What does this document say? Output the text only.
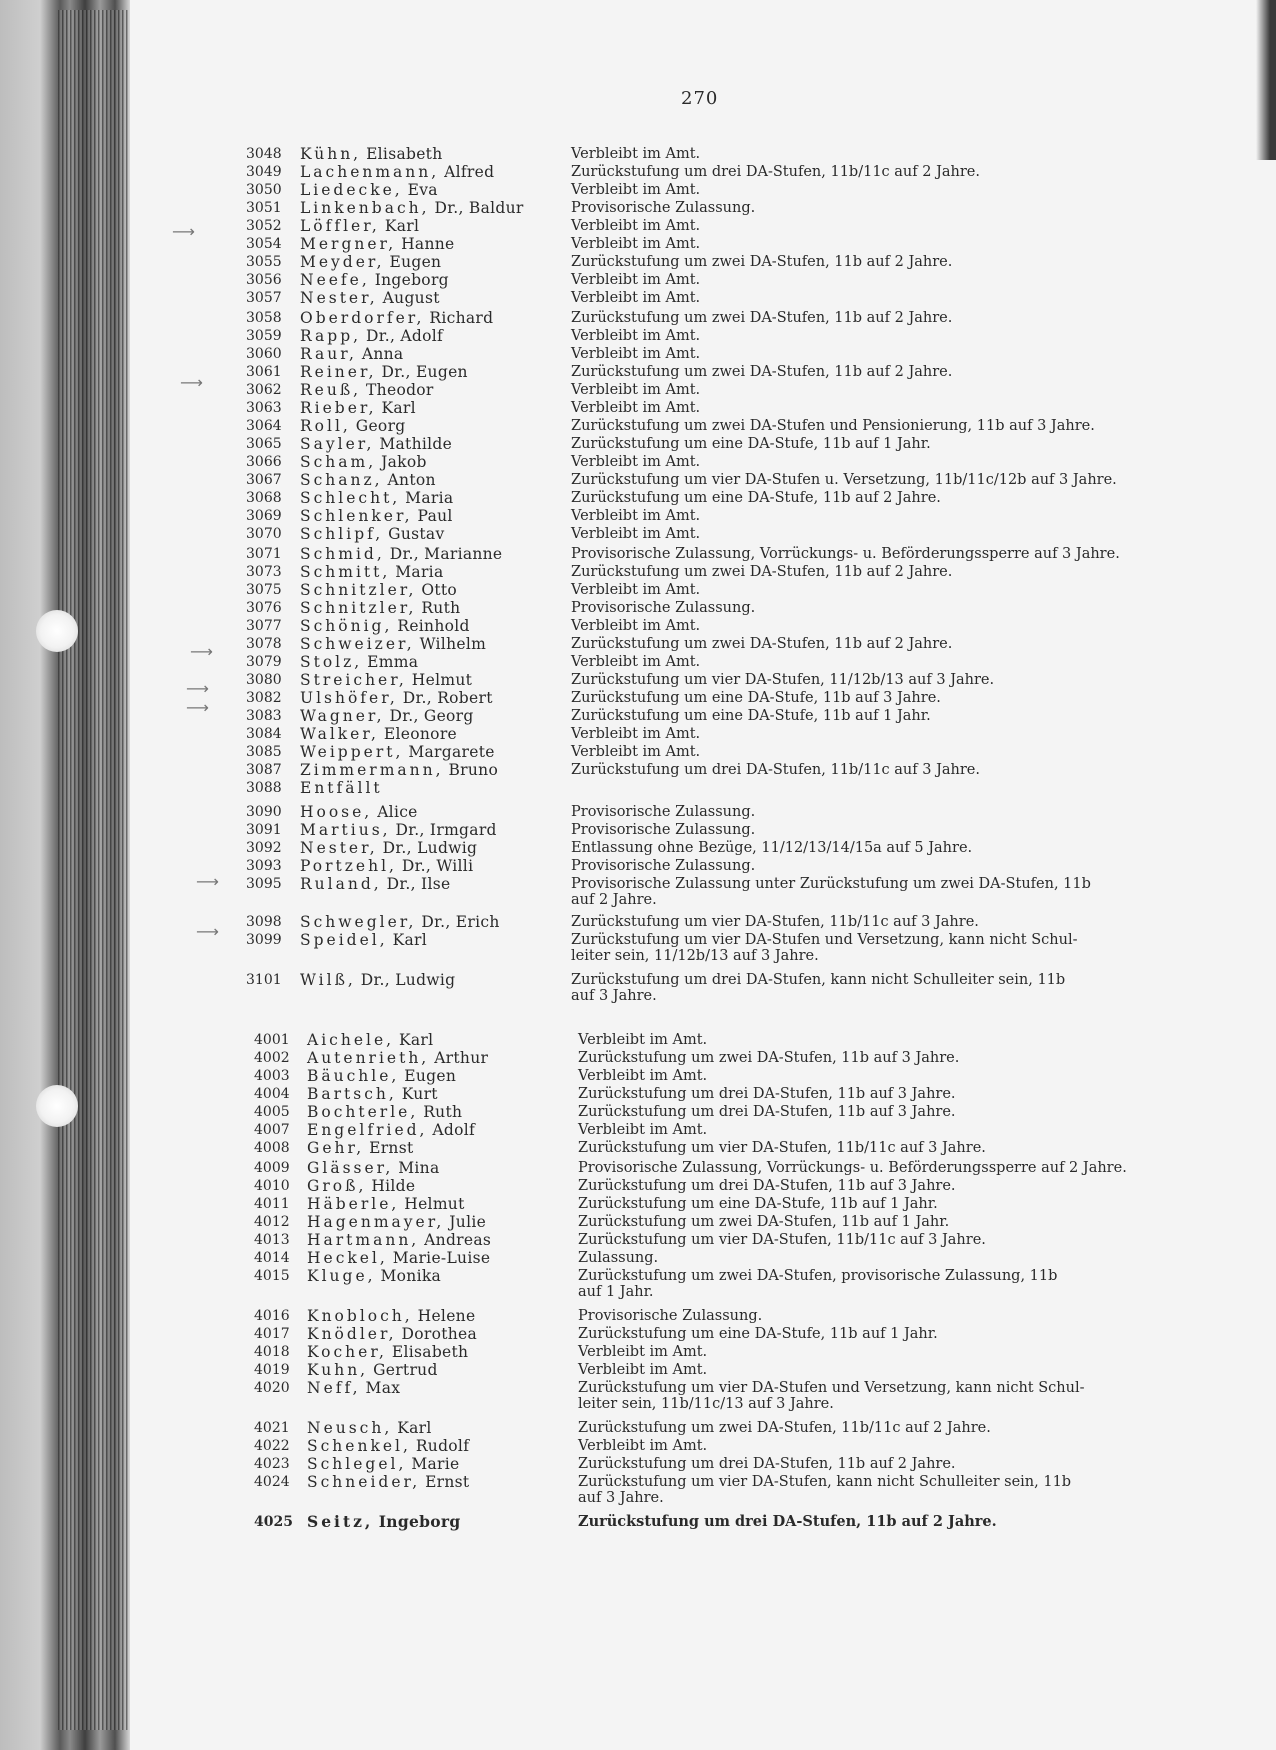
270
3048	Kühn, Elisabeth	Verbleibt im Amt.
3049	Lachenmann, Alfred	Zurückstufung um drei DA-Stufen, 11b/11c auf 2 Jahre.
3050	Liedecke, Eva	Verbleibt im Amt.
3051	Linkenbach, Dr., Baldur	Provisorische Zulassung.
3052	Löffler, Karl	Verbleibt im Amt.
3054	Mergner, Hanne	Verbleibt im Amt.
3055	Meyder, Eugen	Zurückstufung um zwei DA-Stufen, 11b auf 2 Jahre.
3056	Neefe, Ingeborg	Verbleibt im Amt.
3057	Nester, August	Verbleibt im Amt.
3058	Oberdorfer, Richard	Zurückstufung um zwei DA-Stufen, 11b auf 2 Jahre.
3059	Rapp, Dr., Adolf	Verbleibt im Amt.
3060	Raur, Anna	Verbleibt im Amt.
3061	Reiner, Dr., Eugen	Zurückstufung um zwei DA-Stufen, 11b auf 2 Jahre.
3062	Reuß, Theodor	Verbleibt im Amt.
3063	Rieber, Karl	Verbleibt im Amt.
3064	Roll, Georg	Zurückstufung um zwei DA-Stufen und Pensionierung, 11b auf 3 Jahre.
3065	Sayler, Mathilde	Zurückstufung um eine DA-Stufe, 11b auf 1 Jahr.
3066	Scham, Jakob	Verbleibt im Amt.
3067	Schanz, Anton	Zurückstufung um vier DA-Stufen u. Versetzung, 11b/11c/12b auf 3 Jahre.
3068	Schlecht, Maria	Zurückstufung um eine DA-Stufe, 11b auf 2 Jahre.
3069	Schlenker, Paul	Verbleibt im Amt.
3070	Schlipf, Gustav	Verbleibt im Amt.
3071	Schmid, Dr., Marianne	Provisorische Zulassung, Vorrückungs- u. Beförderungssperre auf 3 Jahre.
3073	Schmitt, Maria	Zurückstufung um zwei DA-Stufen, 11b auf 2 Jahre.
3075	Schnitzler, Otto	Verbleibt im Amt.
3076	Schnitzler, Ruth	Provisorische Zulassung.
3077	Schönig, Reinhold	Verbleibt im Amt.
3078	Schweizer, Wilhelm	Zurückstufung um zwei DA-Stufen, 11b auf 2 Jahre.
3079	Stolz, Emma	Verbleibt im Amt.
3080	Streicher, Helmut	Zurückstufung um vier DA-Stufen, 11/12b/13 auf 3 Jahre.
3082	Ulshöfer, Dr., Robert	Zurückstufung um eine DA-Stufe, 11b auf 3 Jahre.
3083	Wagner, Dr., Georg	Zurückstufung um eine DA-Stufe, 11b auf 1 Jahr.
3084	Walker, Eleonore	Verbleibt im Amt.
3085	Weippert, Margarete	Verbleibt im Amt.
3087	Zimmermann, Bruno	Zurückstufung um drei DA-Stufen, 11b/11c auf 3 Jahre.
3088	Entfällt
3090	Hoose, Alice	Provisorische Zulassung.
3091	Martius, Dr., Irmgard	Provisorische Zulassung.
3092	Nester, Dr., Ludwig	Entlassung ohne Bezüge, 11/12/13/14/15a auf 5 Jahre.
3093	Portzehl, Dr., Willi	Provisorische Zulassung.
3095	Ruland, Dr., Ilse	Provisorische Zulassung unter Zurückstufung um zwei DA-Stufen, 11b
auf 2 Jahre.
3098	Schwegler, Dr., Erich	Zurückstufung um vier DA-Stufen, 11b/11c auf 3 Jahre.
3099	Speidel, Karl	Zurückstufung um vier DA-Stufen und Versetzung, kann nicht Schul-
leiter sein, 11/12b/13 auf 3 Jahre.
3101	Wilß, Dr., Ludwig	Zurückstufung um drei DA-Stufen, kann nicht Schulleiter sein, 11b
auf 3 Jahre.
4001	Aichele, Karl	Verbleibt im Amt.
4002	Autenrieth, Arthur	Zurückstufung um zwei DA-Stufen, 11b auf 3 Jahre.
4003	Bäuchle, Eugen	Verbleibt im Amt.
4004	Bartsch, Kurt	Zurückstufung um drei DA-Stufen, 11b auf 3 Jahre.
4005	Bochterle, Ruth	Zurückstufung um drei DA-Stufen, 11b auf 3 Jahre.
4007	Engelfried, Adolf	Verbleibt im Amt.
4008	Gehr, Ernst	Zurückstufung um vier DA-Stufen, 11b/11c auf 3 Jahre.
4009	Glässer, Mina	Provisorische Zulassung, Vorrückungs- u. Beförderungssperre auf 2 Jahre.
4010	Groß, Hilde	Zurückstufung um drei DA-Stufen, 11b auf 3 Jahre.
4011	Häberle, Helmut	Zurückstufung um eine DA-Stufe, 11b auf 1 Jahr.
4012	Hagenmayer, Julie	Zurückstufung um zwei DA-Stufen, 11b auf 1 Jahr.
4013	Hartmann, Andreas	Zurückstufung um vier DA-Stufen, 11b/11c auf 3 Jahre.
4014	Heckel, Marie-Luise	Zulassung.
4015	Kluge, Monika	Zurückstufung um zwei DA-Stufen, provisorische Zulassung, 11b
auf 1 Jahr.
4016	Knobloch, Helene	Provisorische Zulassung.
4017	Knödler, Dorothea	Zurückstufung um eine DA-Stufe, 11b auf 1 Jahr.
4018	Kocher, Elisabeth	Verbleibt im Amt.
4019	Kuhn, Gertrud	Verbleibt im Amt.
4020	Neff, Max	Zurückstufung um vier DA-Stufen und Versetzung, kann nicht Schul-
leiter sein, 11b/11c/13 auf 3 Jahre.
4021	Neusch, Karl	Zurückstufung um zwei DA-Stufen, 11b/11c auf 2 Jahre.
4022	Schenkel, Rudolf	Verbleibt im Amt.
4023	Schlegel, Marie	Zurückstufung um drei DA-Stufen, 11b auf 2 Jahre.
4024	Schneider, Ernst	Zurückstufung um vier DA-Stufen, kann nicht Schulleiter sein, 11b
auf 3 Jahre.
4025 Seitz, Ingeborg	Zurückstufung um drei DA-Stufen, 11b auf 2 Jahre.
⟶
⟶
⟶
⟶
⟶
⟶
⟶
